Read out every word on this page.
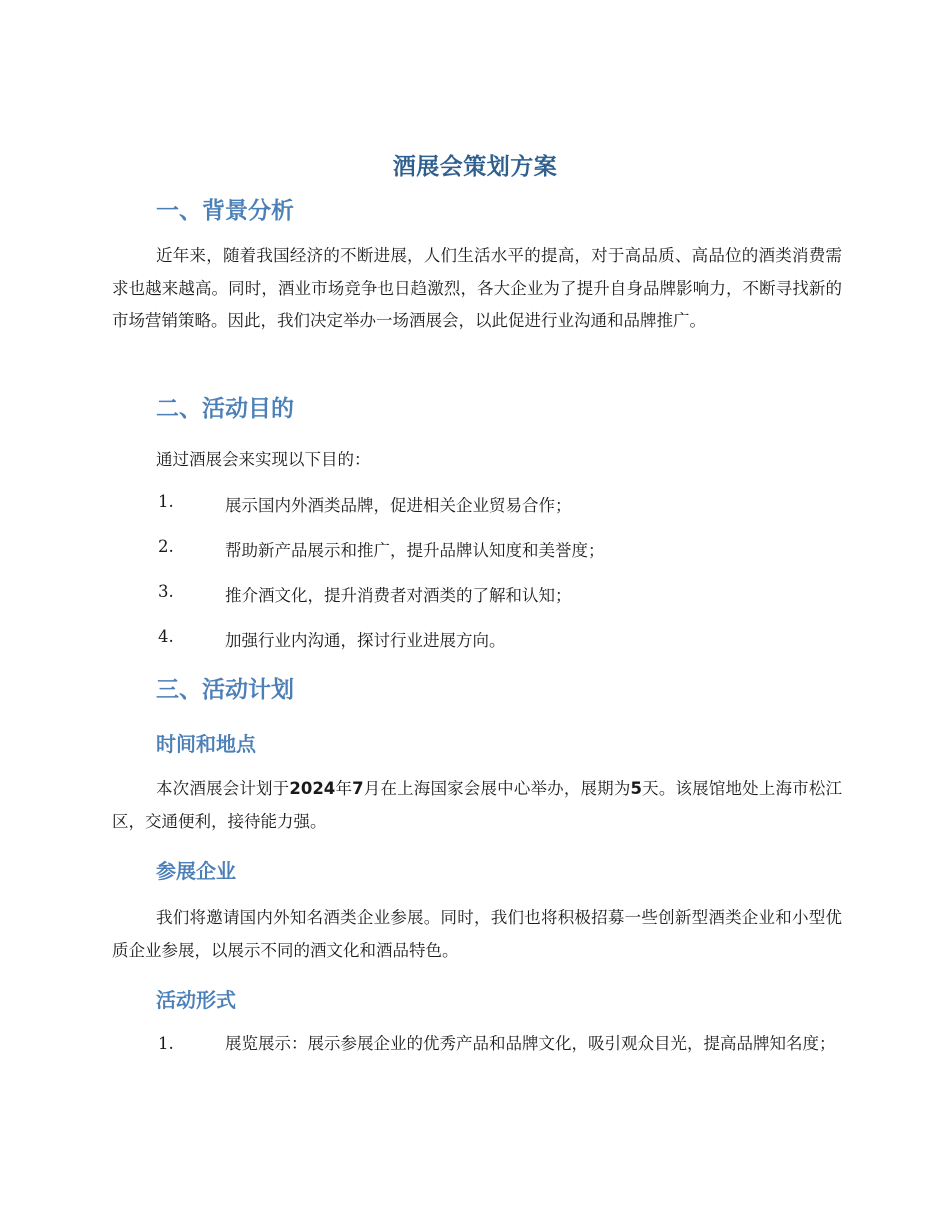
酒展会策划方案
一、背景分析

近年来，随着我国经济的不断进展，人们生活水平的提高，对于高品质、高品位的酒类消费需求也越来越高。同时，酒业市场竞争也日趋激烈，各大企业为了提升自身品牌影响力，不断寻找新的市场营销策略。因此，我们决定举办一场酒展会，以此促进行业沟通和品牌推广。

二、活动目的
通过酒展会来实现以下目的：
1.	展示国内外酒类品牌，促进相关企业贸易合作；
2.	帮助新产品展示和推广，提升品牌认知度和美誉度；
3.	推介酒文化，提升消费者对酒类的了解和认知；
4.	加强行业内沟通，探讨行业进展方向。
三、活动计划
时间和地点

本次酒展会计划于2024年7月在上海国家会展中心举办，展期为5天。该展馆地处上海市松江区，交通便利，接待能力强。

参展企业

我们将邀请国内外知名酒类企业参展。同时，我们也将积极招募一些创新型酒类企业和小型优质企业参展，以展示不同的酒文化和酒品特色。

活动形式

1.	展览展示：展示参展企业的优秀产品和品牌文化，吸引观众目光，提高品牌知名度；
